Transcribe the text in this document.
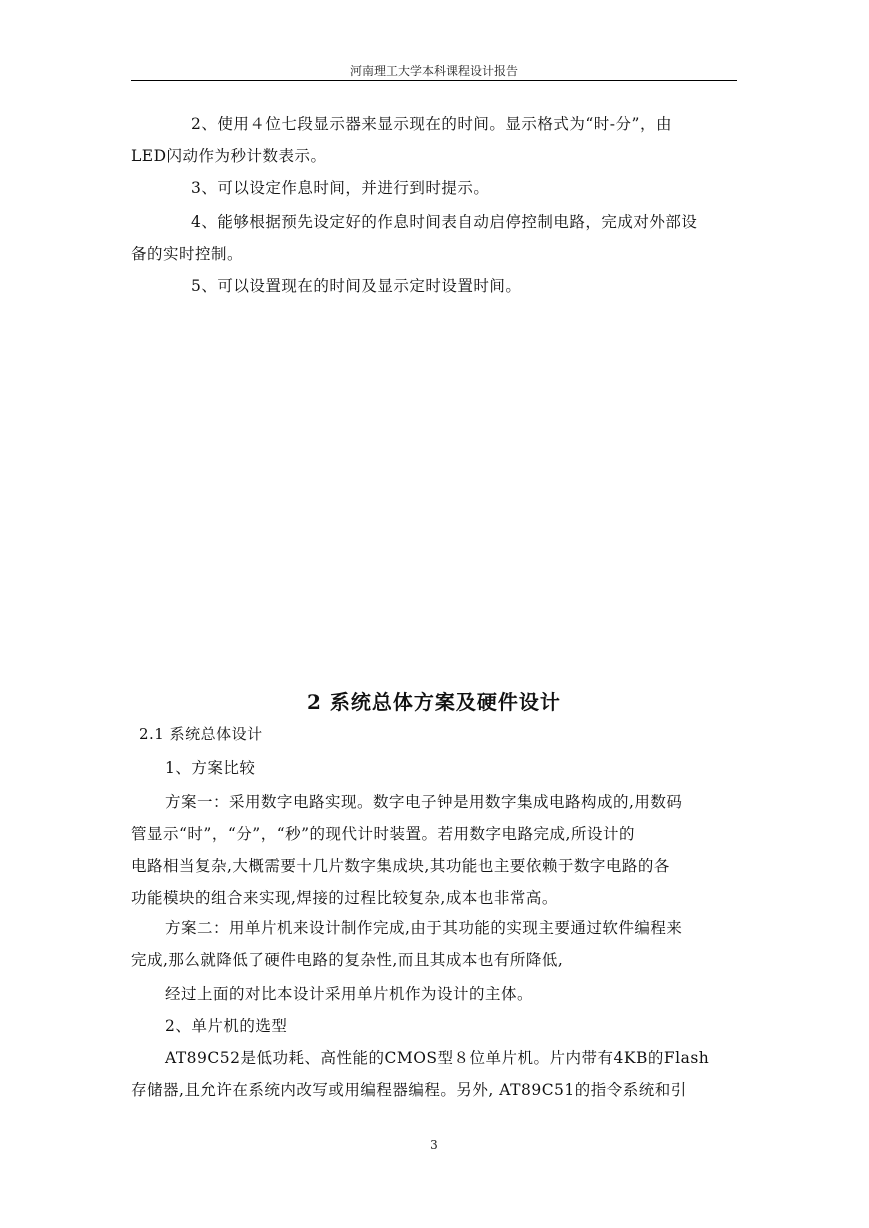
河南理工大学本科课程设计报告
2、使用４位七段显示器来显示现在的时间。显示格式为“时-分”，由
LED闪动作为秒计数表示。
3、可以设定作息时间，并进行到时提示。
4、能够根据预先设定好的作息时间表自动启停控制电路，完成对外部设
备的实时控制。
5、可以设置现在的时间及显示定时设置时间。
2 系统总体方案及硬件设计
2.1 系统总体设计
1、方案比较
方案一：采用数字电路实现。数字电子钟是用数字集成电路构成的,用数码
管显示“时”，“分”，“秒”的现代计时装置。若用数字电路完成,所设计的
电路相当复杂,大概需要十几片数字集成块,其功能也主要依赖于数字电路的各
功能模块的组合来实现,焊接的过程比较复杂,成本也非常高。
方案二：用单片机来设计制作完成,由于其功能的实现主要通过软件编程来
完成,那么就降低了硬件电路的复杂性,而且其成本也有所降低,
经过上面的对比本设计采用单片机作为设计的主体。
2、单片机的选型
AT89C52是低功耗、高性能的CMOS型８位单片机。片内带有4KB的Flash
存储器,且允许在系统内改写或用编程器编程。另外, AT89C51的指令系统和引
3
